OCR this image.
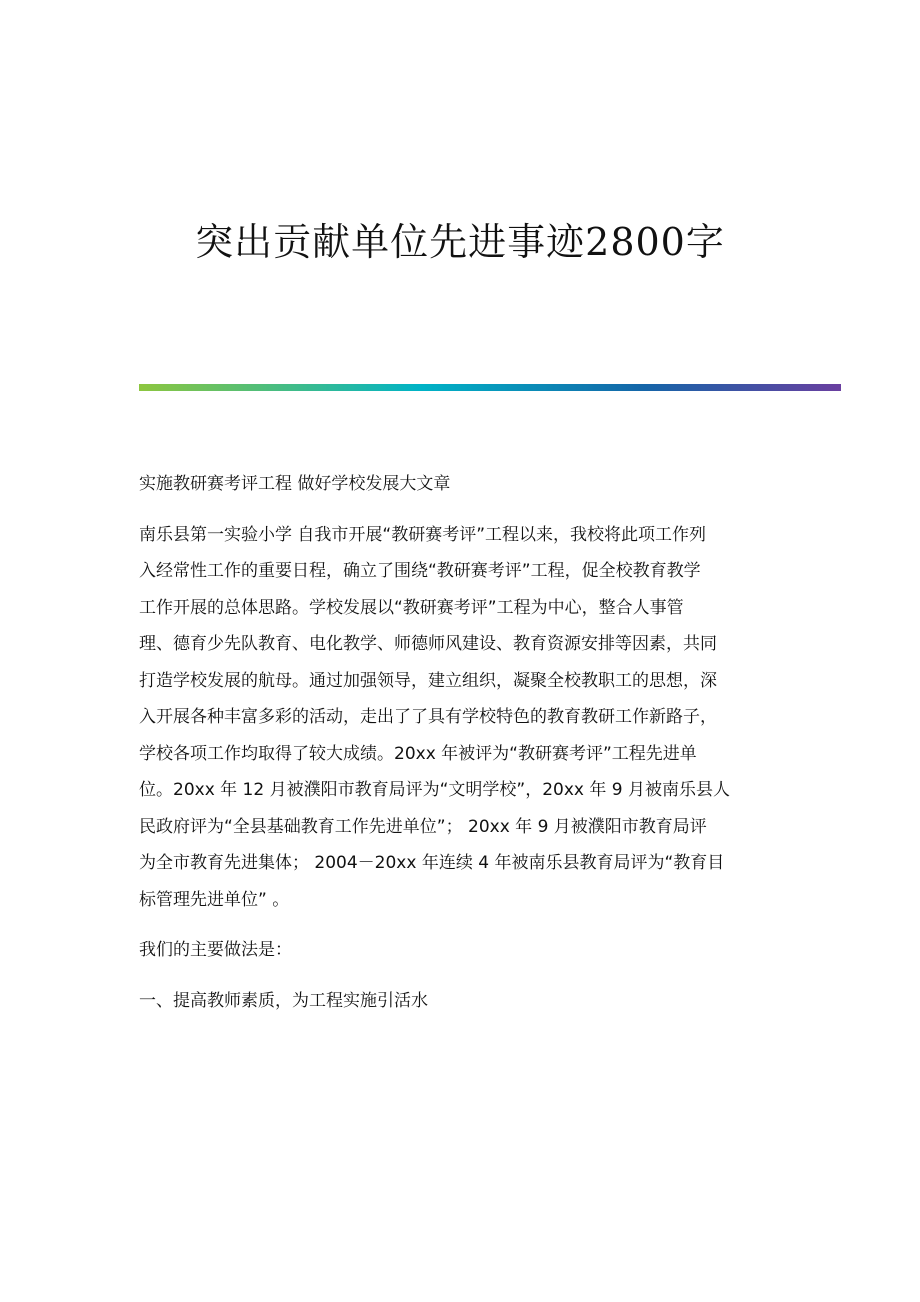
突出贡献单位先进事迹2800字

实施教研赛考评工程 做好学校发展大文章

南乐县第一实验小学 自我市开展“教研赛考评”工程以来，我校将此项工作列
入经常性工作的重要日程，确立了围绕“教研赛考评”工程，促全校教育教学
工作开展的总体思路。学校发展以“教研赛考评”工程为中心，整合人事管
理、德育少先队教育、电化教学、师德师风建设、教育资源安排等因素，共同
打造学校发展的航母。通过加强领导，建立组织，凝聚全校教职工的思想，深
入开展各种丰富多彩的活动，走出了了具有学校特色的教育教研工作新路子，
学校各项工作均取得了较大成绩。20xx 年被评为“教研赛考评”工程先进单
位。20xx 年 12 月被濮阳市教育局评为“文明学校”，20xx 年 9 月被南乐县人
民政府评为“全县基础教育工作先进单位”； 20xx 年 9 月被濮阳市教育局评
为全市教育先进集体； 2004－20xx 年连续 4 年被南乐县教育局评为“教育目
标管理先进单位” 。

我们的主要做法是：

一、提高教师素质，为工程实施引活水
